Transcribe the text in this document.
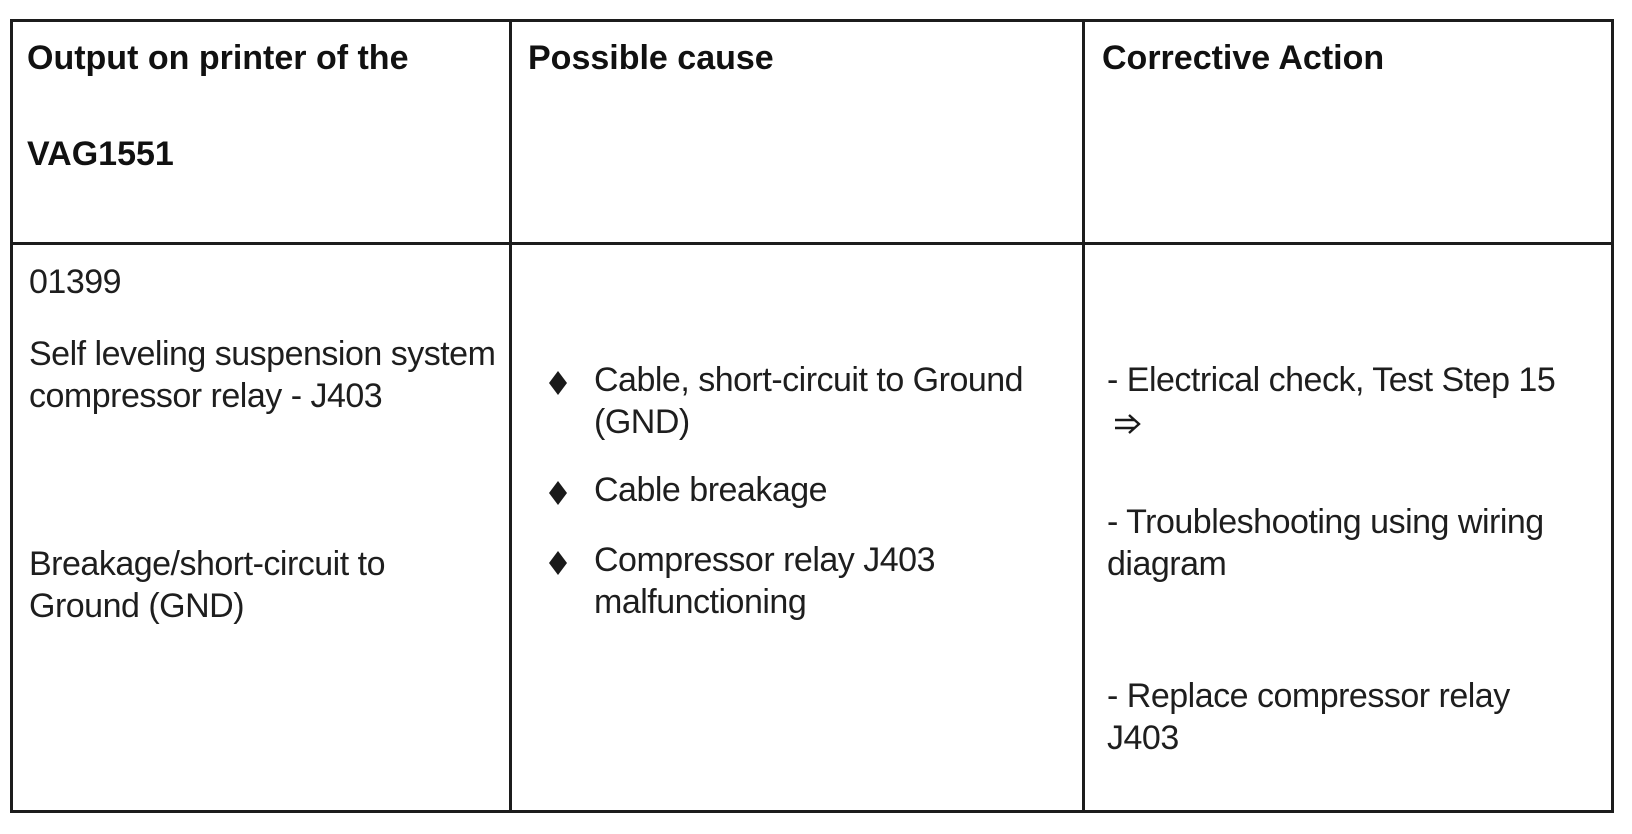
Output on printer of the
VAG1551
Possible cause	Corrective Action
01399
Self leveling suspension system compressor relay - J403
Breakage/short-circuit to Ground (GND)
Cable, short-circuit to Ground (GND)
Cable breakage
Compressor relay J403 malfunctioning
- Electrical check, Test Step 15
- Troubleshooting using wiring diagram
- Replace compressor relay J403
